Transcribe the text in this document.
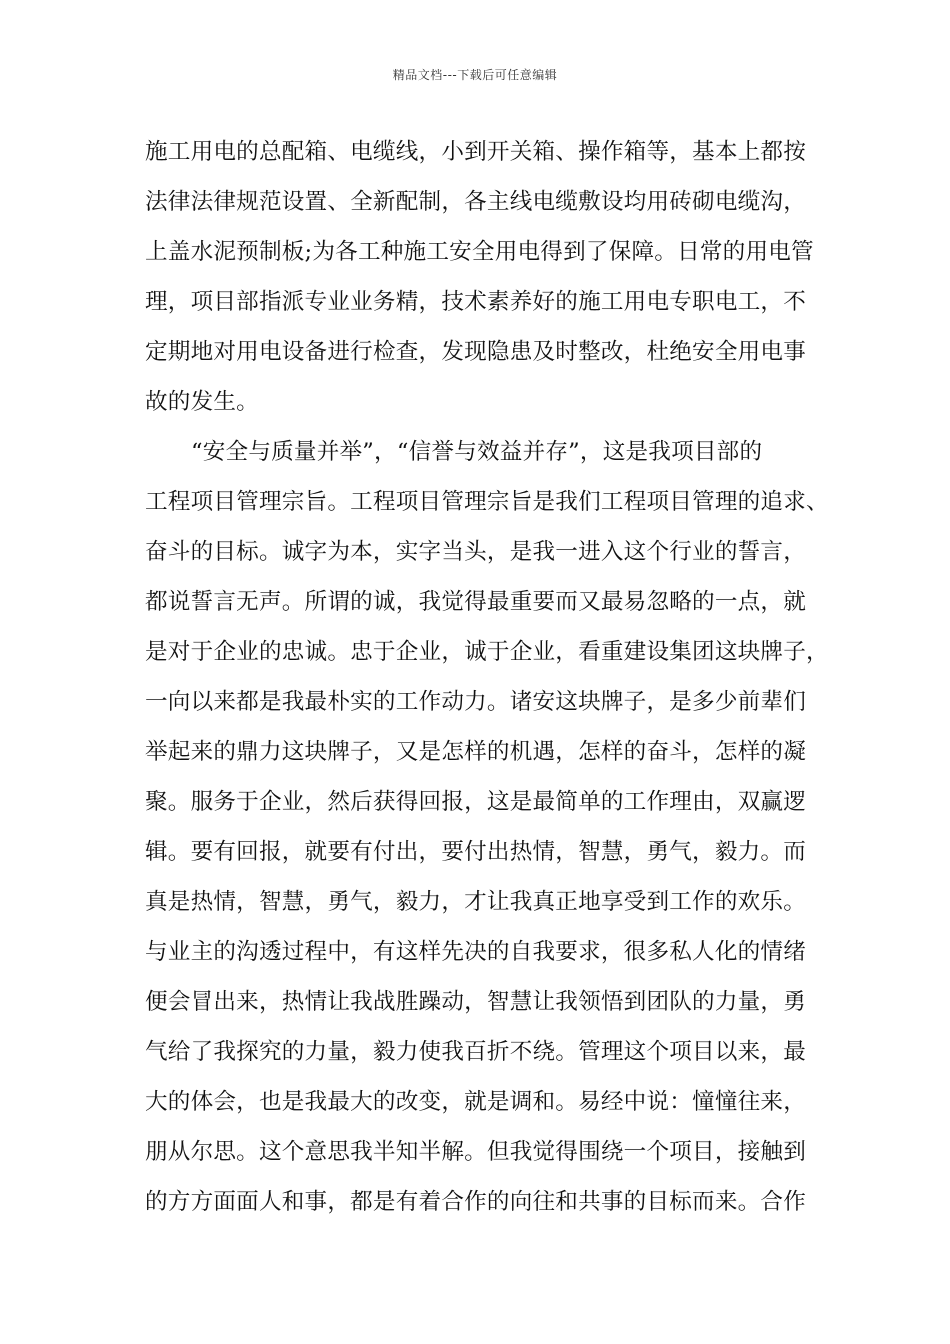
精品文档---下载后可任意编辑
施工用电的总配箱、电缆线，小到开关箱、操作箱等，基本上都按
法律法律规范设置、全新配制，各主线电缆敷设均用砖砌电缆沟，
上盖水泥预制板;为各工种施工安全用电得到了保障。日常的用电管
理，项目部指派专业业务精，技术素养好的施工用电专职电工，不
定期地对用电设备进行检查，发现隐患及时整改，杜绝安全用电事
故的发生。
“安全与质量并举”，“信誉与效益并存”，这是我项目部的
工程项目管理宗旨。工程项目管理宗旨是我们工程项目管理的追求、
奋斗的目标。诚字为本，实字当头，是我一进入这个行业的誓言，
都说誓言无声。所谓的诚，我觉得最重要而又最易忽略的一点，就
是对于企业的忠诚。忠于企业，诚于企业，看重建设集团这块牌子，
一向以来都是我最朴实的工作动力。诸安这块牌子，是多少前辈们
举起来的鼎力这块牌子，又是怎样的机遇，怎样的奋斗，怎样的凝
聚。服务于企业，然后获得回报，这是最简单的工作理由，双赢逻
辑。要有回报，就要有付出，要付出热情，智慧，勇气，毅力。而
真是热情，智慧，勇气，毅力，才让我真正地享受到工作的欢乐。
与业主的沟透过程中，有这样先决的自我要求，很多私人化的情绪
便会冒出来，热情让我战胜躁动，智慧让我领悟到团队的力量，勇
气给了我探究的力量，毅力使我百折不绕。管理这个项目以来，最
大的体会，也是我最大的改变，就是调和。易经中说：憧憧往来，
朋从尔思。这个意思我半知半解。但我觉得围绕一个项目，接触到
的方方面面人和事，都是有着合作的向往和共事的目标而来。合作
